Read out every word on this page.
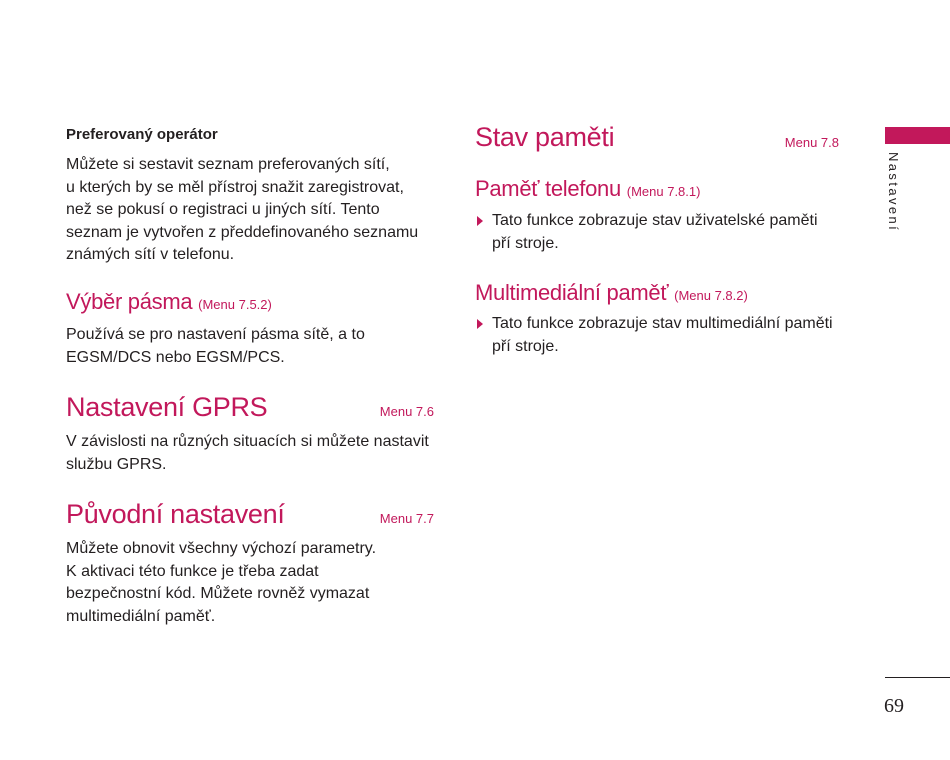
Preferovaný operátor

Můžete si sestavit seznam preferovaných sítí,
u kterých by se měl přístroj snažit zaregistrovat,
než se pokusí o registraci u jiných sítí. Tento
seznam je vytvořen z předdefinovaného seznamu
známých sítí v telefonu.

Výběr pásma (Menu 7.5.2)

Používá se pro nastavení pásma sítě, a to
EGSM/DCS nebo EGSM/PCS.

Nastavení GPRS	Menu 7.6

V závislosti na různých situacích si můžete nastavit
službu GPRS.

Původní nastavení	Menu 7.7

Můžete obnovit všechny výchozí parametry.
K aktivaci této funkce je třeba zadat
bezpečnostní kód. Můžete rovněž vymazat
multimediální paměť.

Stav paměti	Menu 7.8
Paměť telefonu (Menu 7.8.1)

Tato funkce zobrazuje stav uživatelské paměti
pří stroje.

Multimediální paměť (Menu 7.8.2)

Tato funkce zobrazuje stav multimediální paměti
pří stroje.

Nastavení
69
